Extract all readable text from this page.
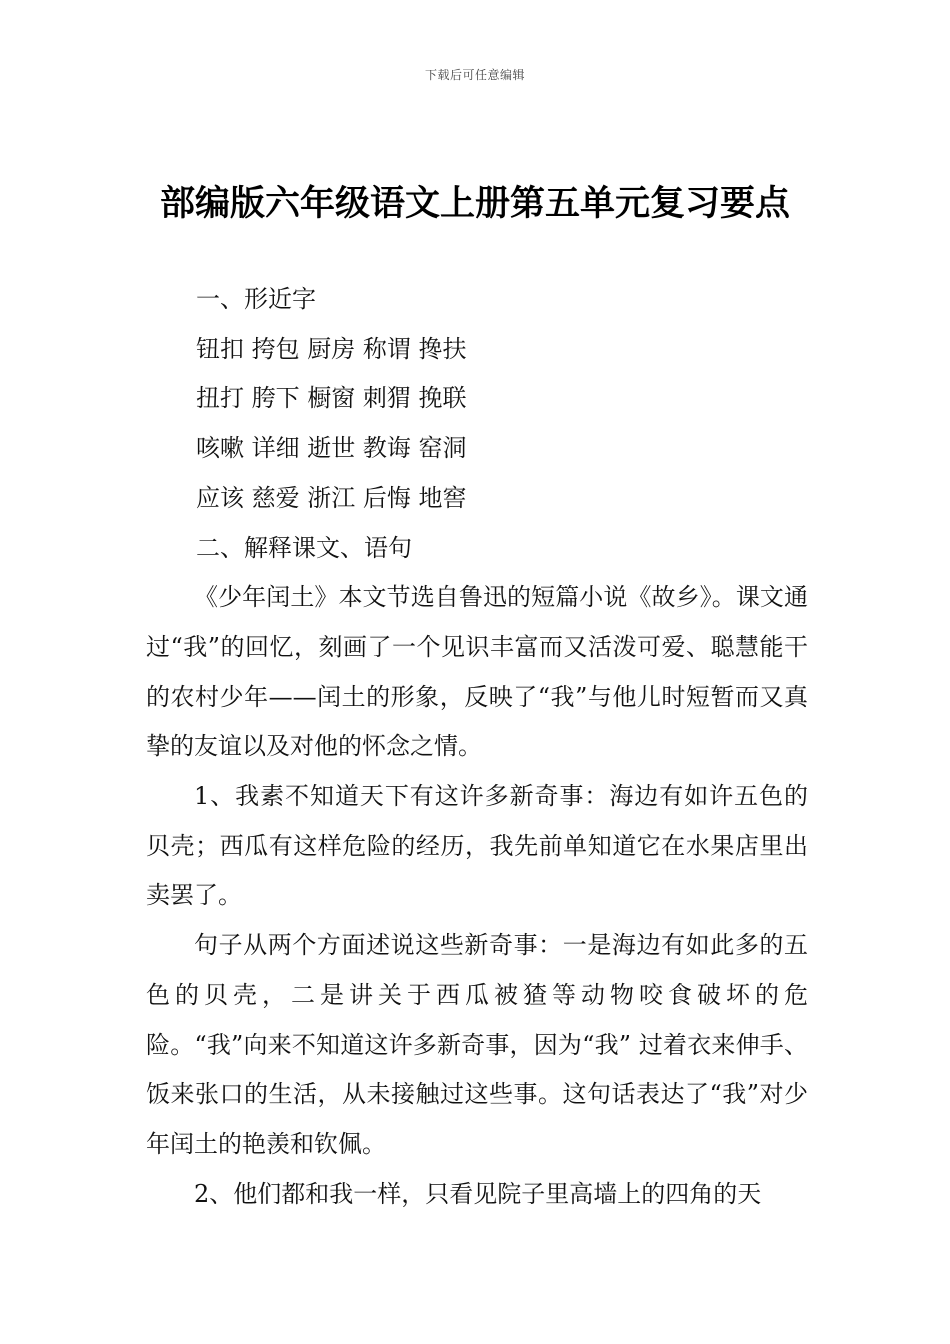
下载后可任意编辑
部编版六年级语文上册第五单元复习要点
一、形近字
钮扣 挎包 厨房 称谓 搀扶
扭打 胯下 橱窗 刺猬 挽联
咳嗽 详细 逝世 教诲 窑洞
应该 慈爱 浙江 后悔 地窖
二、解释课文、语句
《少年闰土》本文节选自鲁迅的短篇小说《故乡》。课文通过“我”的回忆，刻画了一个见识丰富而又活泼可爱、聪慧能干的农村少年——闰土的形象，反映了“我”与他儿时短暂而又真挚的友谊以及对他的怀念之情。
1、我素不知道天下有这许多新奇事：海边有如许五色的贝壳；西瓜有这样危险的经历，我先前单知道它在水果店里出卖罢了。
句子从两个方面述说这些新奇事：一是海边有如此多的五色的贝壳，二是讲关于西瓜被猹等动物咬食破坏的危险。“我”向来不知道这许多新奇事，因为“我” 过着衣来伸手、饭来张口的生活，从未接触过这些事。这句话表达了“我”对少 年闰土的艳羡和钦佩。
2、他们都和我一样，只看见院子里高墙上的四角的天
